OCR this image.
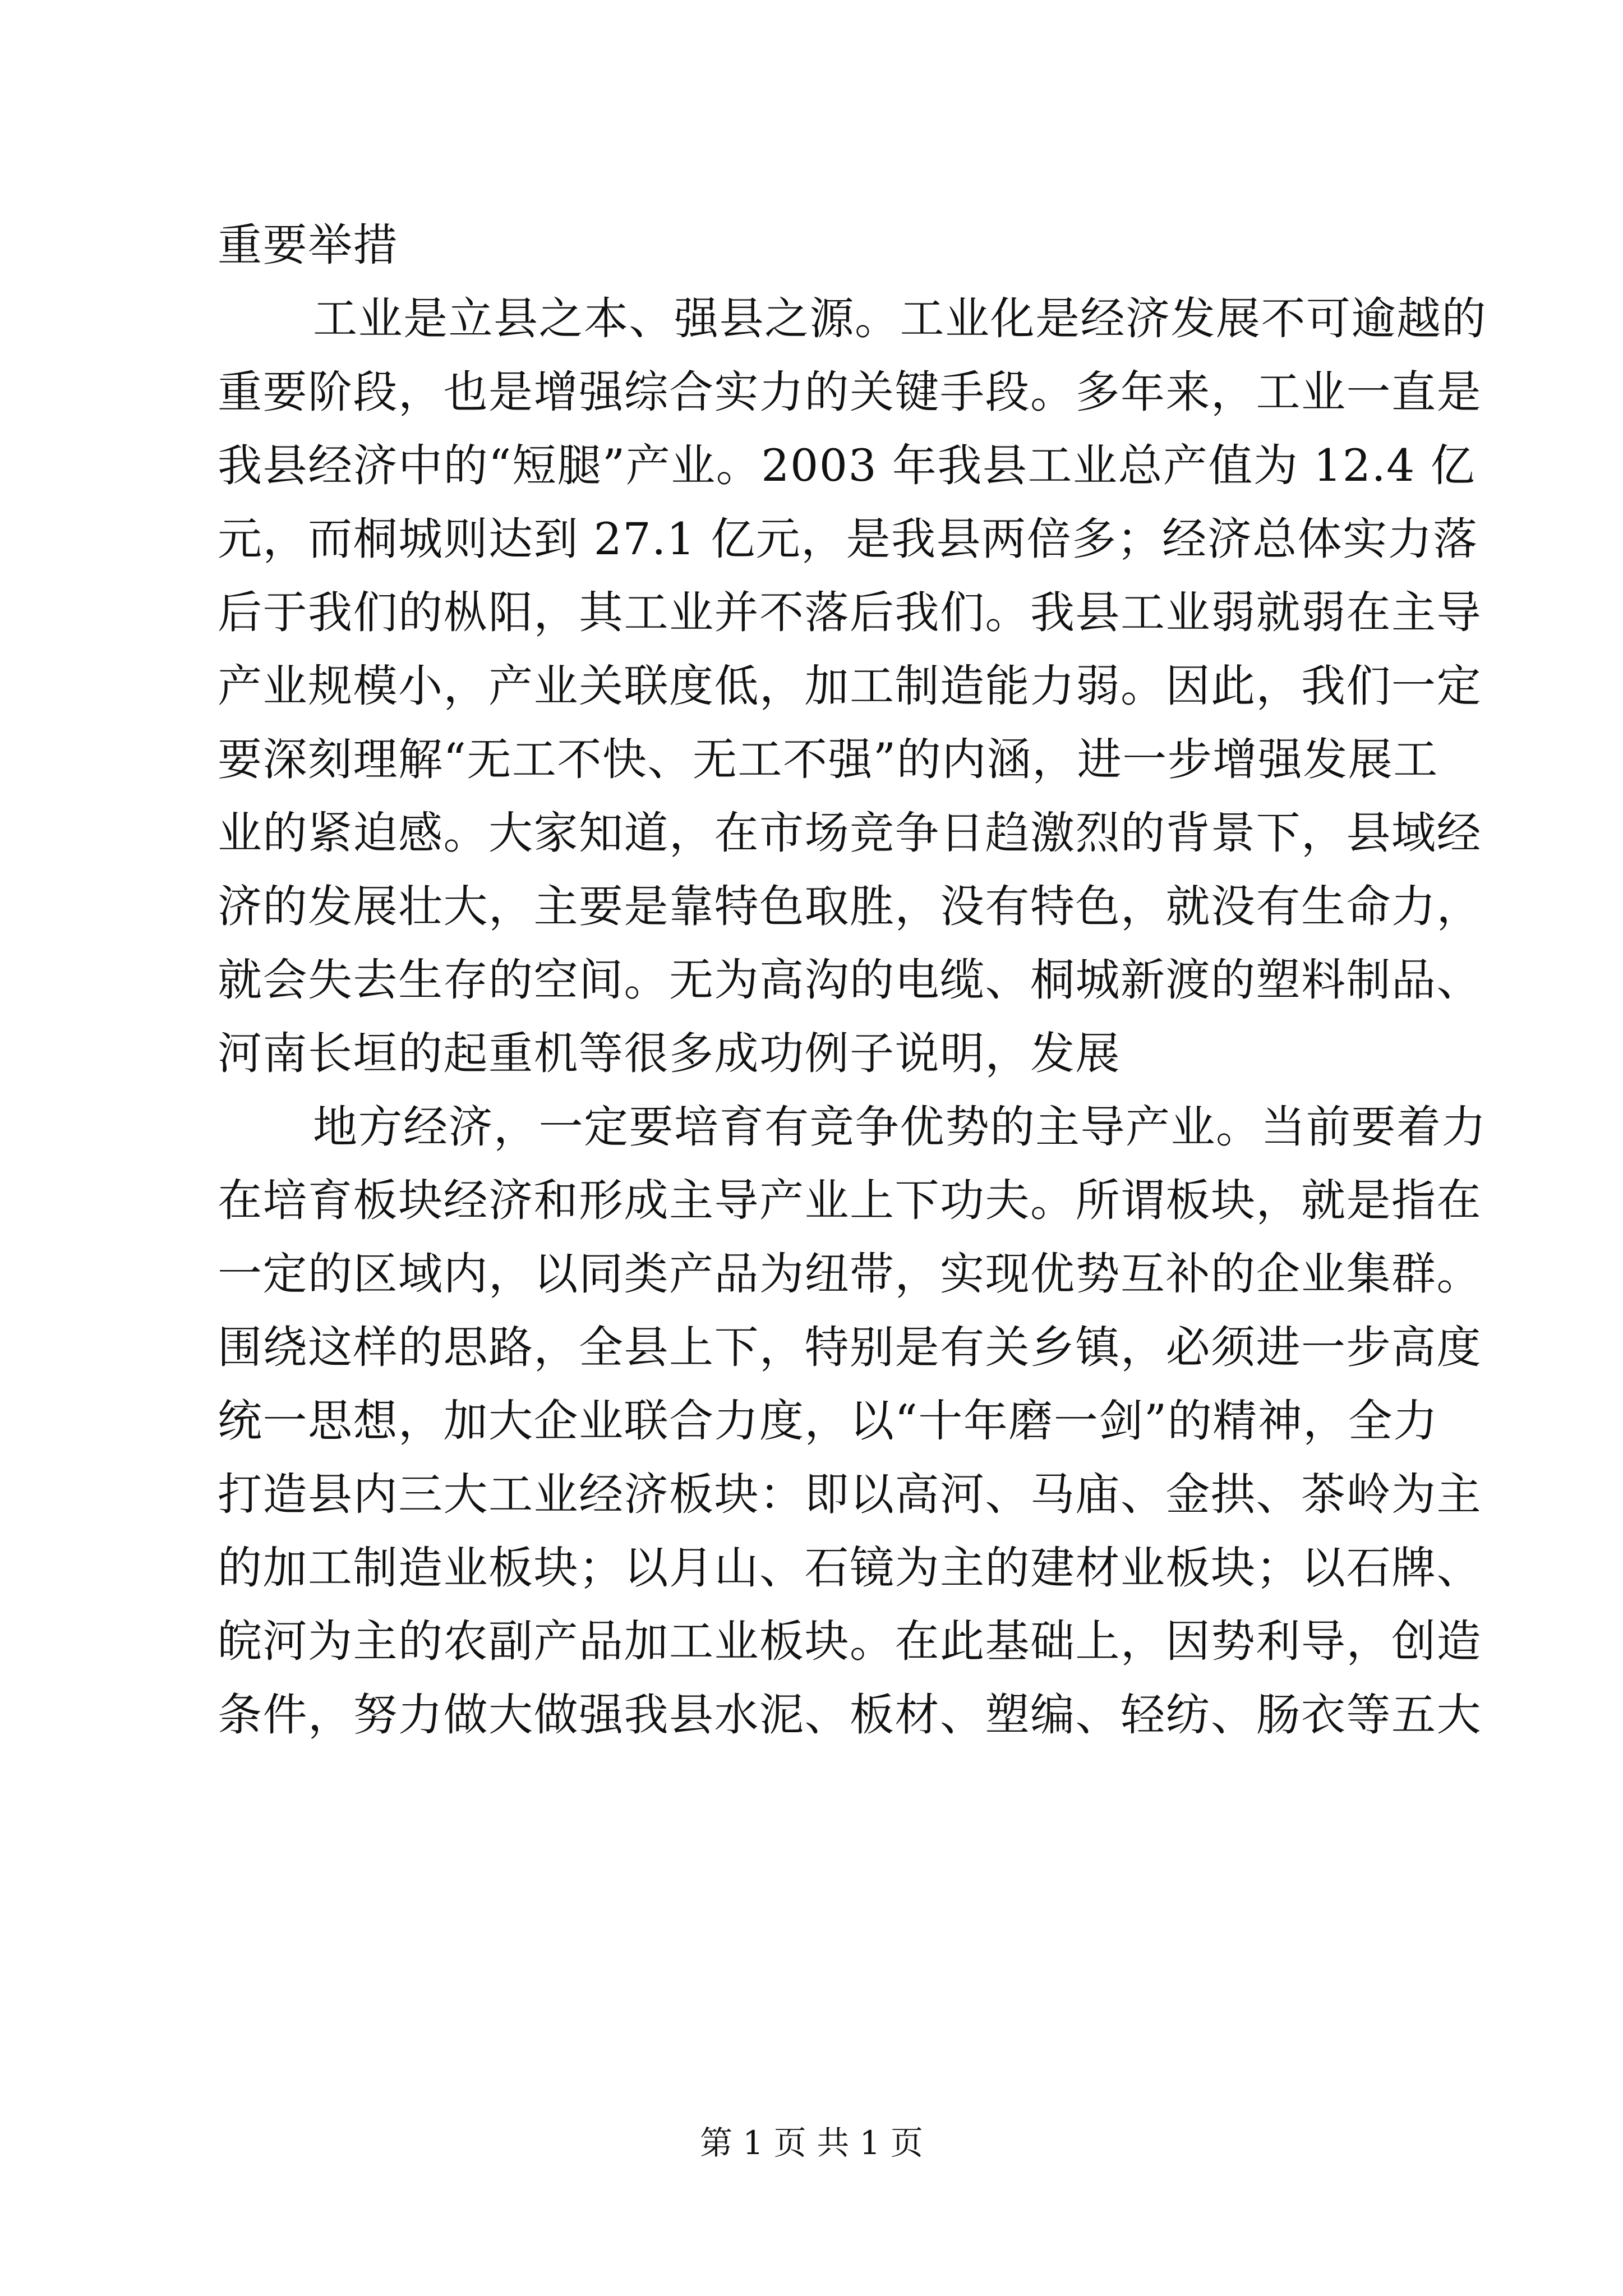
重要举措
工业是立县之本、强县之源。工业化是经济发展不可逾越的
重要阶段，也是增强综合实力的关键手段。多年来，工业一直是
我县经济中的“短腿”产业。2003 年我县工业总产值为 12.4 亿
元，而桐城则达到 27.1 亿元，是我县两倍多；经济总体实力落
后于我们的枞阳，其工业并不落后我们。我县工业弱就弱在主导
产业规模小，产业关联度低，加工制造能力弱。因此，我们一定
要深刻理解“无工不快、无工不强”的内涵，进一步增强发展工
业的紧迫感。大家知道，在市场竞争日趋激烈的背景下，县域经
济的发展壮大，主要是靠特色取胜，没有特色，就没有生命力，
就会失去生存的空间。无为高沟的电缆、桐城新渡的塑料制品、
河南长垣的起重机等很多成功例子说明，发展
地方经济，一定要培育有竞争优势的主导产业。当前要着力
在培育板块经济和形成主导产业上下功夫。所谓板块，就是指在
一定的区域内，以同类产品为纽带，实现优势互补的企业集群。
围绕这样的思路，全县上下，特别是有关乡镇，必须进一步高度
统一思想，加大企业联合力度，以“十年磨一剑”的精神，全力
打造县内三大工业经济板块：即以高河、马庙、金拱、茶岭为主
的加工制造业板块；以月山、石镜为主的建材业板块；以石牌、
皖河为主的农副产品加工业板块。在此基础上，因势利导，创造
条件，努力做大做强我县水泥、板材、塑编、轻纺、肠衣等五大
第 1 页 共 1 页
